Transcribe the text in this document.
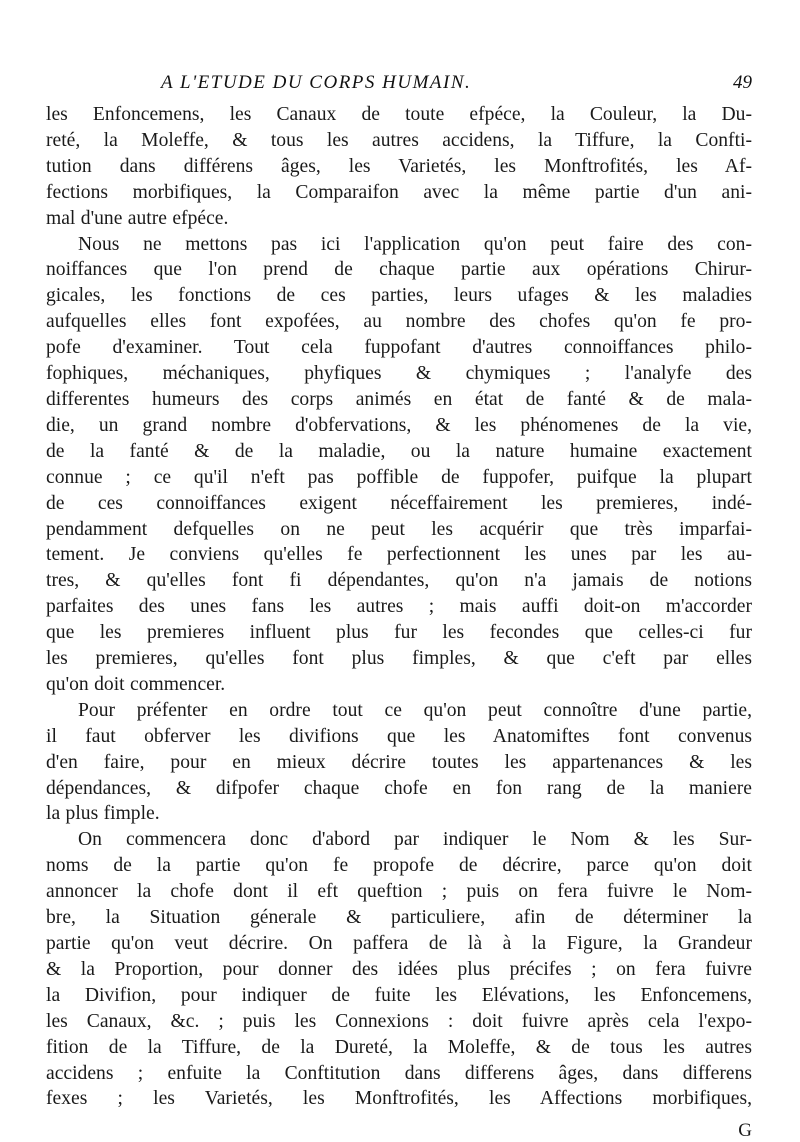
A L'ETUDE DU CORPS HUMAIN.	49
les Enfoncemens, les Canaux de toute efpéce, la Couleur, la Du-
reté, la Moleffe, & tous les autres accidens, la Tiffure, la Confti-
tution dans différens âges, les Varietés, les Monftrofités, les Af-
fections morbifiques, la Comparaifon avec la même partie d'un ani-
mal d'une autre efpéce.
Nous ne mettons pas ici l'application qu'on peut faire des con-
noiffances que l'on prend de chaque partie aux opérations Chirur-
gicales, les fonctions de ces parties, leurs ufages & les maladies
aufquelles elles font expofées, au nombre des chofes qu'on fe pro-
pofe d'examiner. Tout cela fuppofant d'autres connoiffances philo-
fophiques, méchaniques, phyfiques & chymiques ; l'analyfe des
differentes humeurs des corps animés en état de fanté & de mala-
die, un grand nombre d'obfervations, & les phénomenes de la vie,
de la fanté & de la maladie, ou la nature humaine exactement
connue ; ce qu'il n'eft pas poffible de fuppofer, puifque la plupart
de ces connoiffances exigent néceffairement les premieres, indé-
pendamment defquelles on ne peut les acquérir que très imparfai-
tement. Je conviens qu'elles fe perfectionnent les unes par les au-
tres, & qu'elles font fi dépendantes, qu'on n'a jamais de notions
parfaites des unes fans les autres ; mais auffi doit-on m'accorder
que les premieres influent plus fur les fecondes que celles-ci fur
les premieres, qu'elles font plus fimples, & que c'eft par elles
qu'on doit commencer.
Pour préfenter en ordre tout ce qu'on peut connoître d'une partie,
il faut obferver les divifions que les Anatomiftes font convenus
d'en faire, pour en mieux décrire toutes les appartenances & les
dépendances, & difpofer chaque chofe en fon rang de la maniere
la plus fimple.
On commencera donc d'abord par indiquer le Nom & les Sur-
noms de la partie qu'on fe propofe de décrire, parce qu'on doit
annoncer la chofe dont il eft queftion ; puis on fera fuivre le Nom-
bre, la Situation génerale & particuliere, afin de déterminer la
partie qu'on veut décrire. On paffera de là à la Figure, la Grandeur
& la Proportion, pour donner des idées plus précifes ; on fera fuivre
la Divifion, pour indiquer de fuite les Elévations, les Enfoncemens,
les Canaux, &c. ; puis les Connexions : doit fuivre après cela l'expo-
fition de la Tiffure, de la Dureté, la Moleffe, & de tous les autres
accidens ; enfuite la Conftitution dans differens âges, dans differens
fexes ; les Varietés, les Monftrofités, les Affections morbifiques,
G
